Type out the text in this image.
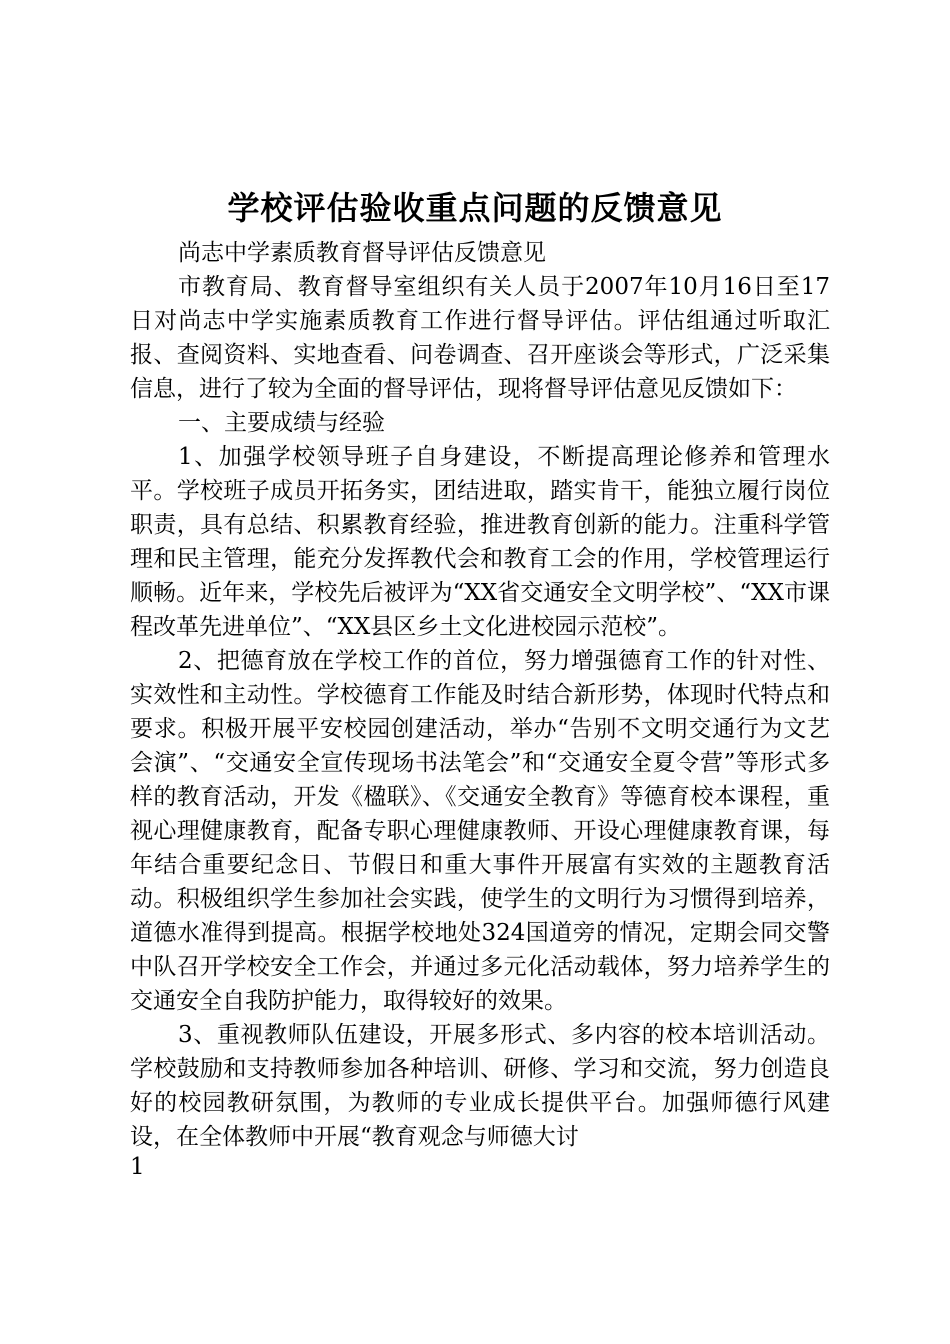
学校评估验收重点问题的反馈意见

尚志中学素质教育督导评估反馈意见

市教育局、教育督导室组织有关人员于2007年10月16日至17日对尚志中学实施素质教育工作进行督导评估。评估组通过听取汇报、查阅资料、实地查看、问卷调查、召开座谈会等形式，广泛采集信息，进行了较为全面的督导评估，现将督导评估意见反馈如下：

一、主要成绩与经验

1、加强学校领导班子自身建设，不断提高理论修养和管理水平。学校班子成员开拓务实，团结进取，踏实肯干，能独立履行岗位职责，具有总结、积累教育经验，推进教育创新的能力。注重科学管理和民主管理，能充分发挥教代会和教育工会的作用，学校管理运行顺畅。近年来，学校先后被评为“XX省交通安全文明学校”、“XX市课程改革先进单位”、“XX县区乡土文化进校园示范校”。

2、把德育放在学校工作的首位，努力增强德育工作的针对性、实效性和主动性。学校德育工作能及时结合新形势，体现时代特点和要求。积极开展平安校园创建活动，举办“告别不文明交通行为文艺会演”、“交通安全宣传现场书法笔会”和“交通安全夏令营”等形式多样的教育活动，开发《楹联》、《交通安全教育》等德育校本课程，重视心理健康教育，配备专职心理健康教师、开设心理健康教育课，每年结合重要纪念日、节假日和重大事件开展富有实效的主题教育活动。积极组织学生参加社会实践，使学生的文明行为习惯得到培养，道德水准得到提高。根据学校地处324国道旁的情况，定期会同交警中队召开学校安全工作会，并通过多元化活动载体，努力培养学生的交通安全自我防护能力，取得较好的效果。

3、重视教师队伍建设，开展多形式、多内容的校本培训活动。学校鼓励和支持教师参加各种培训、研修、学习和交流，努力创造良好的校园教研氛围，为教师的专业成长提供平台。加强师德行风建设，在全体教师中开展“教育观念与师德大讨

1
